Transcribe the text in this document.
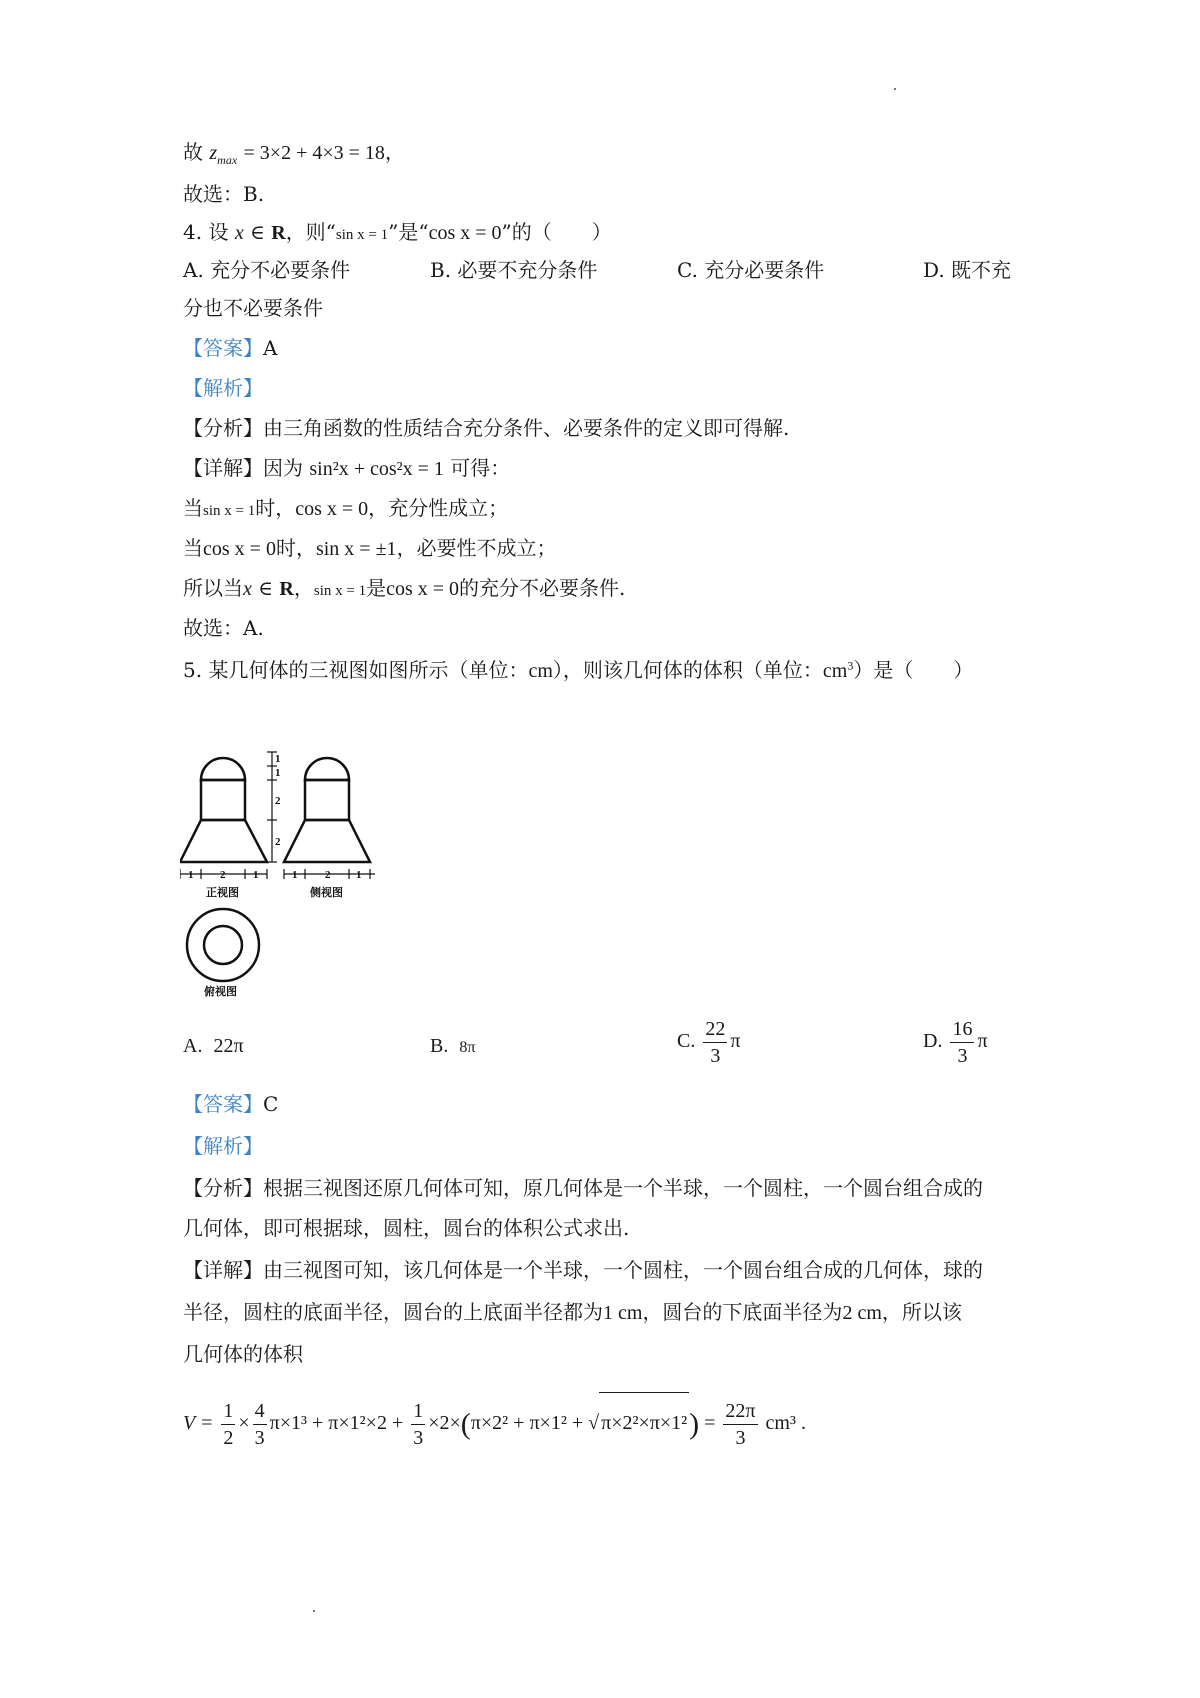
故 $z_{max} = 3\times 2 + 4\times 3 = 18$，
故选：B.
4. 设 x ∈ R，则“sin x = 1”是“cos x = 0”的（　　）
A. 充分不必要条件	B. 必要不充分条件	C. 充分必要条件	D. 既不充
分也不必要条件
【答案】A
【解析】
【分析】由三角函数的性质结合充分条件、必要条件的定义即可得解.
【详解】因为 sin²x + cos²x = 1 可得：
当sin x = 1时，cos x = 0，充分性成立；
当cos x = 0时，sin x = ±1，必要性不成立；
所以当x ∈ R，sin x = 1是cos x = 0的充分不必要条件.
故选：A.
5. 某几何体的三视图如图所示（单位：cm），则该几何体的体积（单位：$cm^3$）是（　　）
1
1
2
2
1 2	1	1	2 1
正视图	侧视图
俯视图
A. 22π	B. 8π	C. $\frac{22}{3}$ π	D. $\frac{16}{3}$ π
【答案】C
【解析】
【分析】根据三视图还原几何体可知，原几何体是一个半球，一个圆柱，一个圆台组合成的
几何体，即可根据球，圆柱，圆台的体积公式求出.
【详解】由三视图可知，该几何体是一个半球，一个圆柱，一个圆台组合成的几何体，球的
半径，圆柱的底面半径，圆台的上底面半径都为1 cm，圆台的下底面半径为2 cm，所以该
几何体的体积
$V = \frac{1}{2} \times \frac{4}{3} \pi\times 1^3 + \pi\times 1^2\times 2 + \frac{1}{3} \times 2\times(\pi\times 2^2 + \pi\times 1^2$ + √ $\pi\times 2^2\times\pi\times 1^2) = \frac{22\pi}{3} cm^3$ .
